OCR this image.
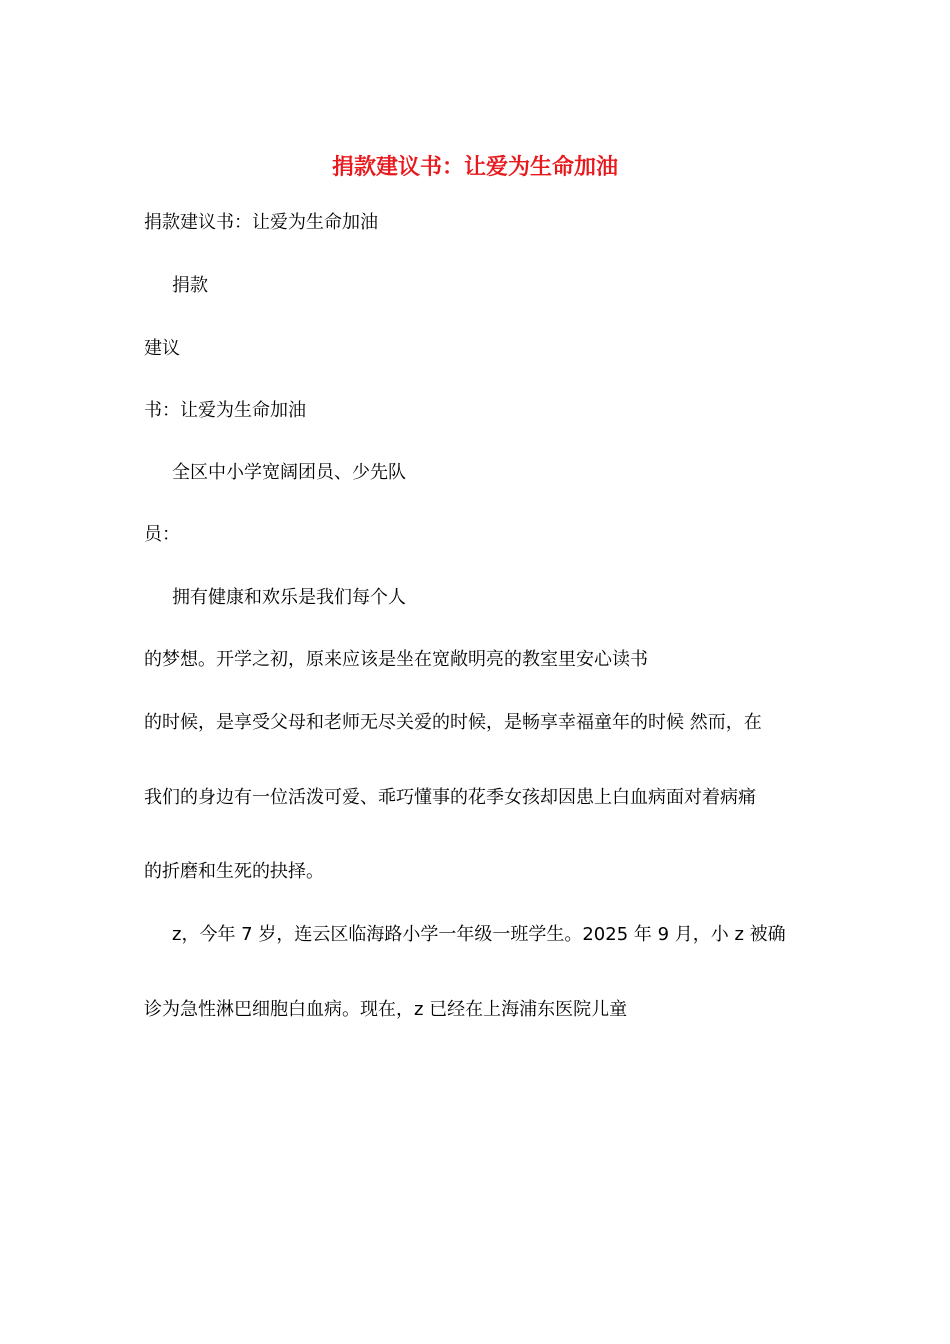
捐款建议书：让爱为生命加油
捐款建议书：让爱为生命加油
捐款
建议
书：让爱为生命加油
全区中小学宽阔团员、少先队
员：
拥有健康和欢乐是我们每个人
的梦想。开学之初，原来应该是坐在宽敞明亮的教室里安心读书
的时候，是享受父母和老师无尽关爱的时候，是畅享幸福童年的时候 然而，在
我们的身边有一位活泼可爱、乖巧懂事的花季女孩却因患上白血病面对着病痛
的折磨和生死的抉择。
z，今年 7 岁，连云区临海路小学一年级一班学生。2025 年 9 月，小 z 被确
诊为急性淋巴细胞白血病。现在，z 已经在上海浦东医院儿童
